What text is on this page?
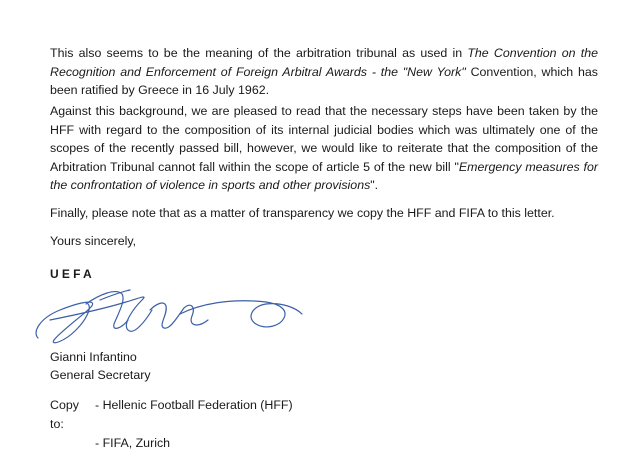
This also seems to be the meaning of the arbitration tribunal as used in The Convention on the Recognition and Enforcement of Foreign Arbitral Awards - the "New York" Convention, which has been ratified by Greece in 16 July 1962.

Against this background, we are pleased to read that the necessary steps have been taken by the HFF with regard to the composition of its internal judicial bodies which was ultimately one of the scopes of the recently passed bill, however, we would like to reiterate that the composition of the Arbitration Tribunal cannot fall within the scope of article 5 of the new bill "Emergency measures for the confrontation of violence in sports and other provisions".

Finally, please note that as a matter of transparency we copy the HFF and FIFA to this letter.

Yours sincerely,

UEFA
Gianni Infantino
General Secretary
Copy to:
- Hellenic Football Federation (HFF)
- FIFA, Zurich
